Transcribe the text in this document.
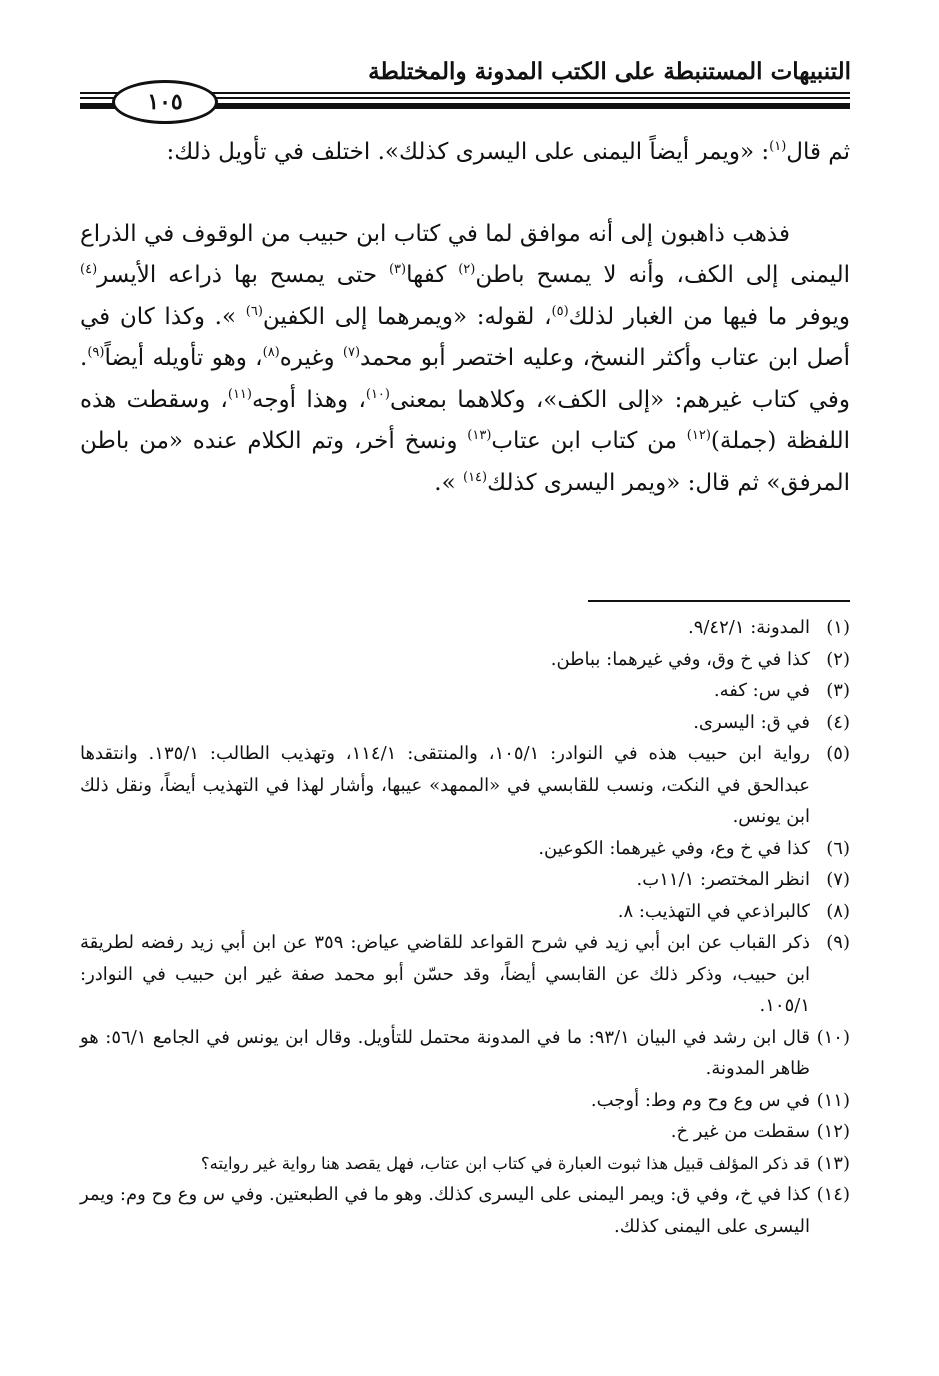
التنبيهات المستنبطة على الكتب المدونة والمختلطة
١٠٥

ثم قال$^{(١)}$: «ويمر أيضاً اليمنى على اليسرى كذلك». اختلف في تأويل ذلك:

فذهب ذاهبون إلى أنه موافق لما في كتاب ابن حبيب من الوقوف في الذراع اليمنى إلى الكف، وأنه لا يمسح باطن$^{(٢)}$ كفها$^{(٣)}$ حتى يمسح بها ذراعه الأيسر$^{(٤)}$ ويوفر ما فيها من الغبار لذلك$^{(٥)}$، لقوله: «ويمرهما إلى الكفين$^{(٦)}$ ». وكذا كان في أصل ابن عتاب وأكثر النسخ، وعليه اختصر أبو محمد$^{(٧)}$ وغيره$^{(٨)}$، وهو تأويله أيضاً$^{(٩)}$. وفي كتاب غيرهم: «إلى الكف»، وكلاهما بمعنى$^{(١٠)}$، وهذا أوجه$^{(١١)}$، وسقطت هذه اللفظة (جملة)$^{(١٢)}$ من كتاب ابن عتاب$^{(١٣)}$ ونسخ أخر، وتم الكلام عنده «من باطن المرفق» ثم قال: «ويمر اليسرى كذلك$^{(١٤)}$ ».

(١)
المدونة: ٩/٤٢/١.
(٢)
كذا في خ وق، وفي غيرهما: بباطن.
(٣)
في س: كفه.
(٤)
في ق: اليسرى.
(٥)
رواية ابن حبيب هذه في النوادر: ١٠٥/١، والمنتقى: ١١٤/١، وتهذيب الطالب: ١٣٥/١. وانتقدها عبدالحق في النكت، ونسب للقابسي في «الممهد» عيبها، وأشار لهذا في التهذيب أيضاً، ونقل ذلك ابن يونس.
(٦)
كذا في خ وع، وفي غيرهما: الكوعين.
(٧)
انظر المختصر: ١١/١ب.
(٨)
كالبراذعي في التهذيب: ٨.
(٩)
ذكر القباب عن ابن أبي زيد في شرح القواعد للقاضي عياض: ٣٥٩ عن ابن أبي زيد رفضه لطريقة ابن حبيب، وذكر ذلك عن القابسي أيضاً، وقد حسّن أبو محمد صفة غير ابن حبيب في النوادر: ١٠٥/١.
(١٠)
قال ابن رشد في البيان ٩٣/١: ما في المدونة محتمل للتأويل. وقال ابن يونس في الجامع ٥٦/١: هو ظاهر المدونة.
(١١)
في س وع وح وم وط: أوجب.
(١٢)
سقطت من غير خ.
(١٣)
قد ذكر المؤلف قبيل هذا ثبوت العبارة في كتاب ابن عتاب، فهل يقصد هنا رواية غير روايته؟
(١٤)
كذا في خ، وفي ق: ويمر اليمنى على اليسرى كذلك. وهو ما في الطبعتين. وفي س وع وح وم: ويمر اليسرى على اليمنى كذلك.
